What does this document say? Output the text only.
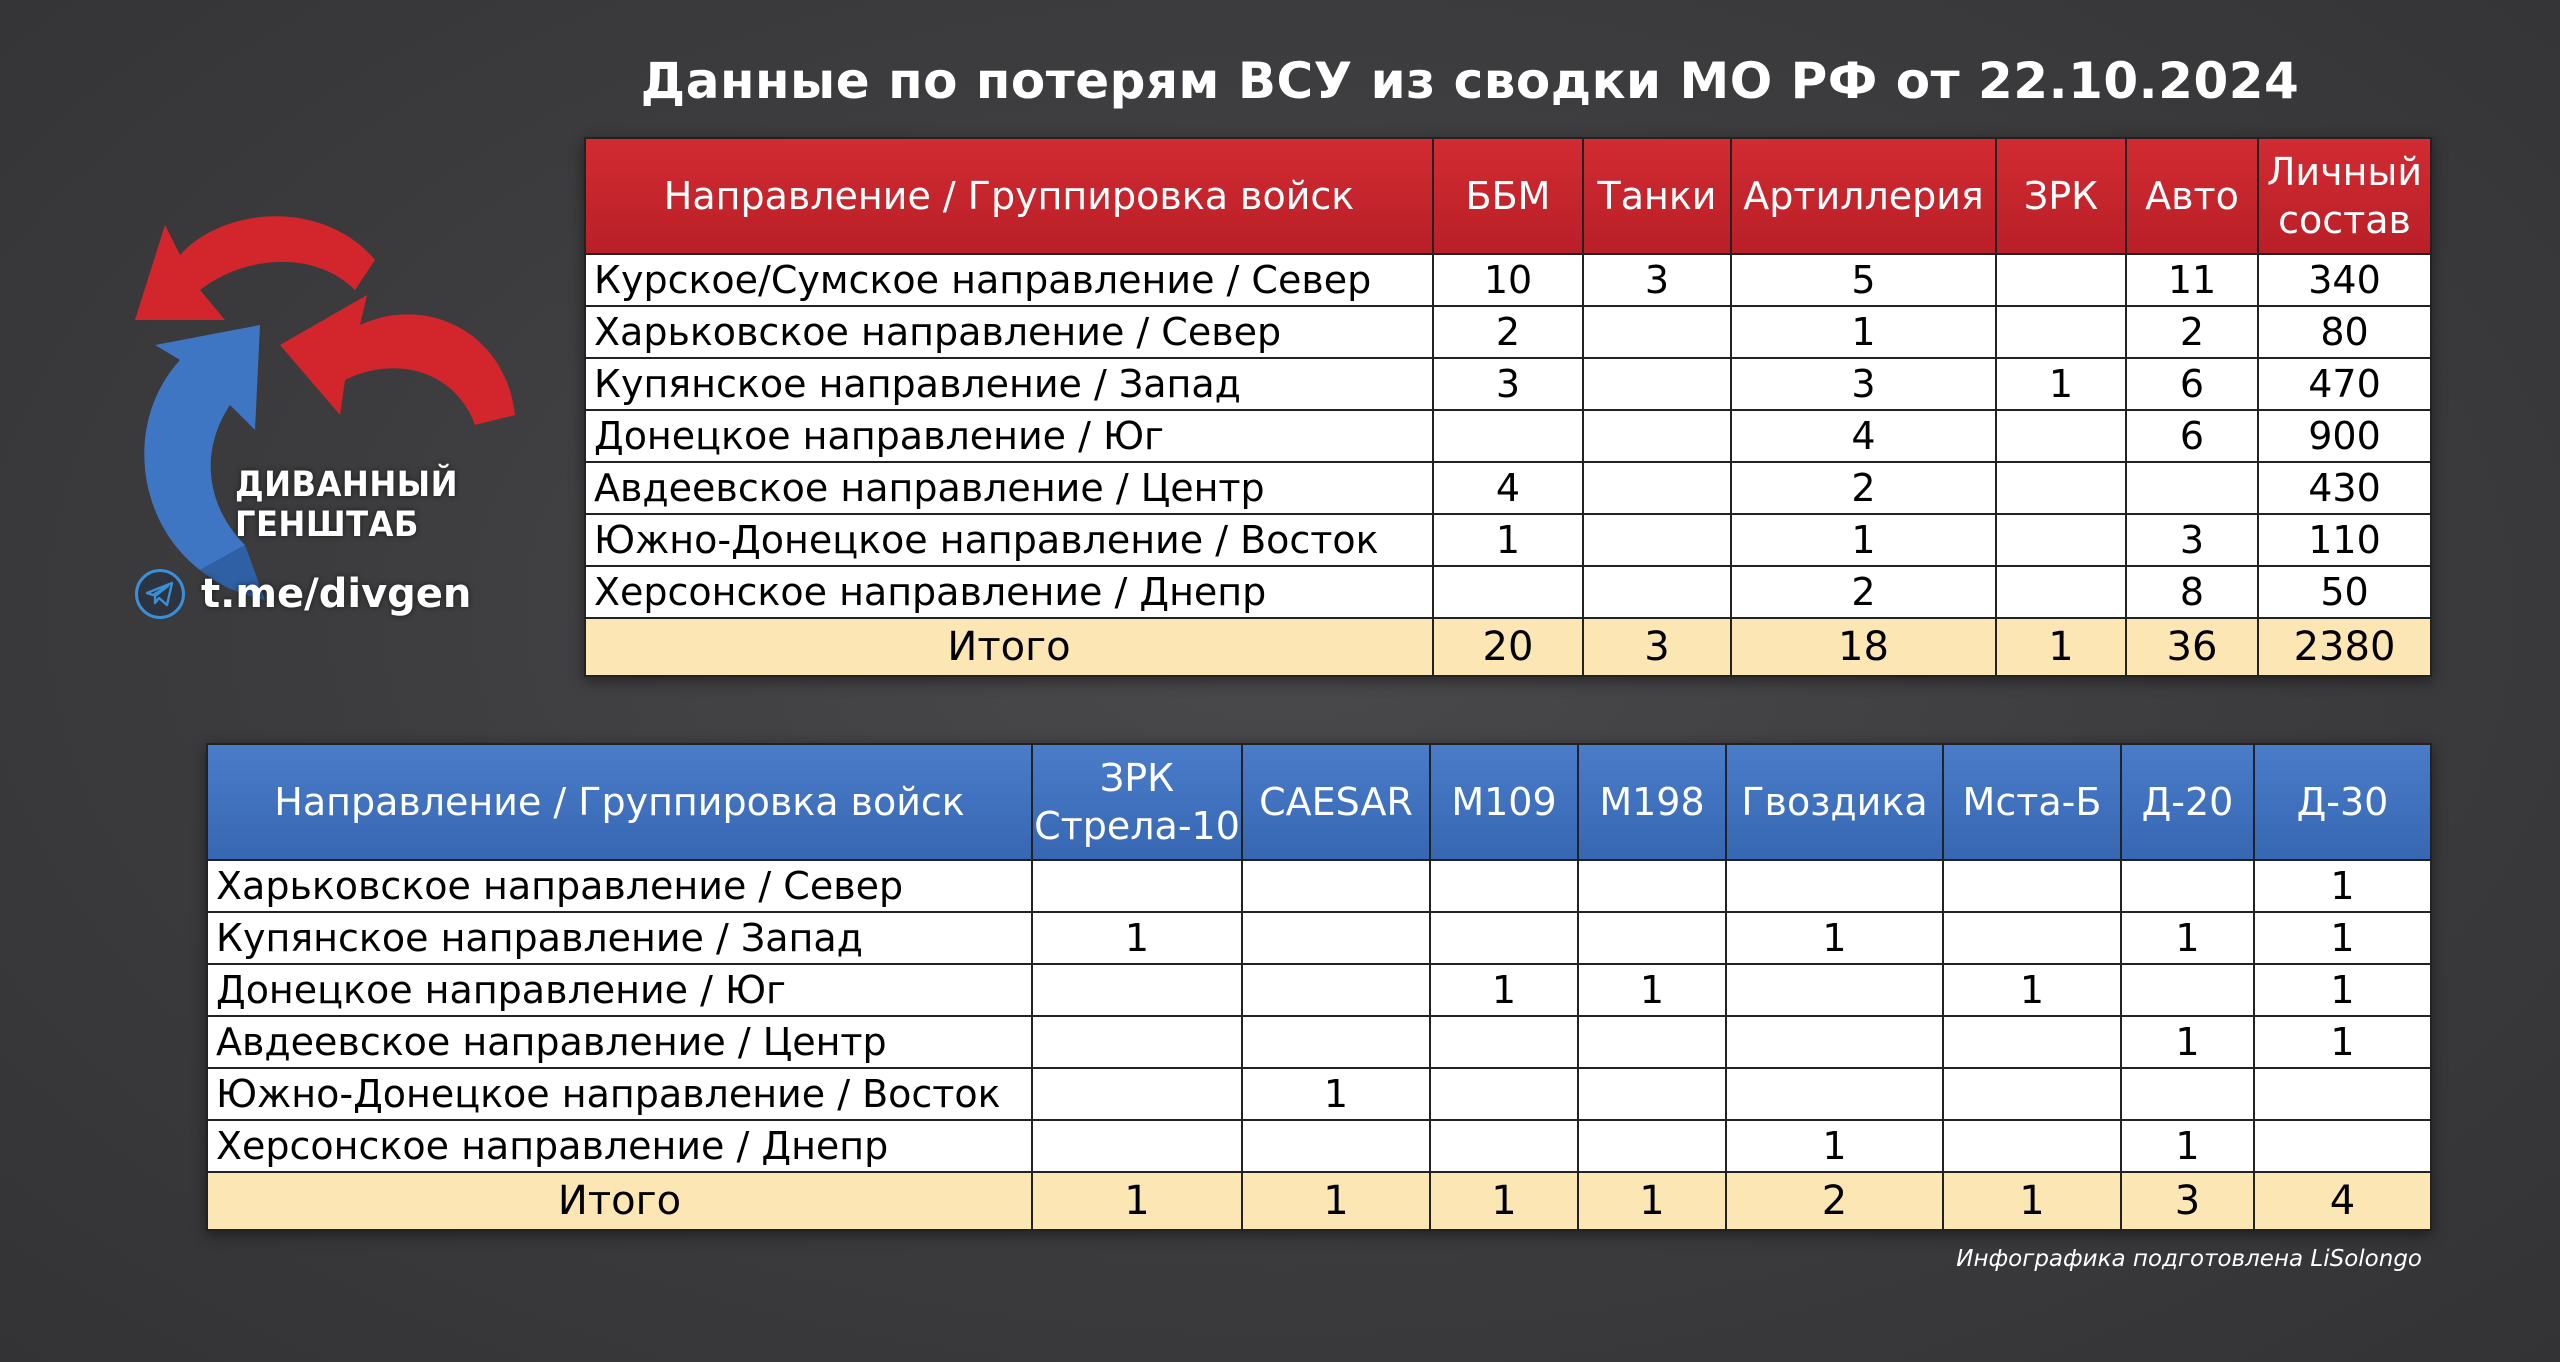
Данные по потерям ВСУ из сводки МО РФ от 22.10.2024
ДИВАННЫЙ
ГЕНШТАБ
t.me/divgen
Направление / Группировка войск	ББМ	Танки	Артиллерия	ЗРК	Авто	Личный состав
Курское/Сумское направление / Север	10	3	5		11	340
Харьковское направление / Север	2		1		2	80
Купянское направление / Запад	3		3	1	6	470
Донецкое направление / Юг			4		6	900
Авдеевское направление / Центр	4		2			430
Южно-Донецкое направление / Восток	1		1		3	110
Херсонское направление / Днепр			2		8	50
Итого	20	3	18	1	36	2380
Направление / Группировка войск	ЗРК Стрела-10	CAESAR	M109	M198	Гвоздика	Мста-Б	Д-20	Д-30
Харьковское направление / Север								1
Купянское направление / Запад	1				1		1	1
Донецкое направление / Юг			1	1		1		1
Авдеевское направление / Центр							1	1
Южно-Донецкое направление / Восток		1						
Херсонское направление / Днепр					1		1	
Итого	1	1	1	1	2	1	3	4
Инфографика подготовлена LiSolongo
